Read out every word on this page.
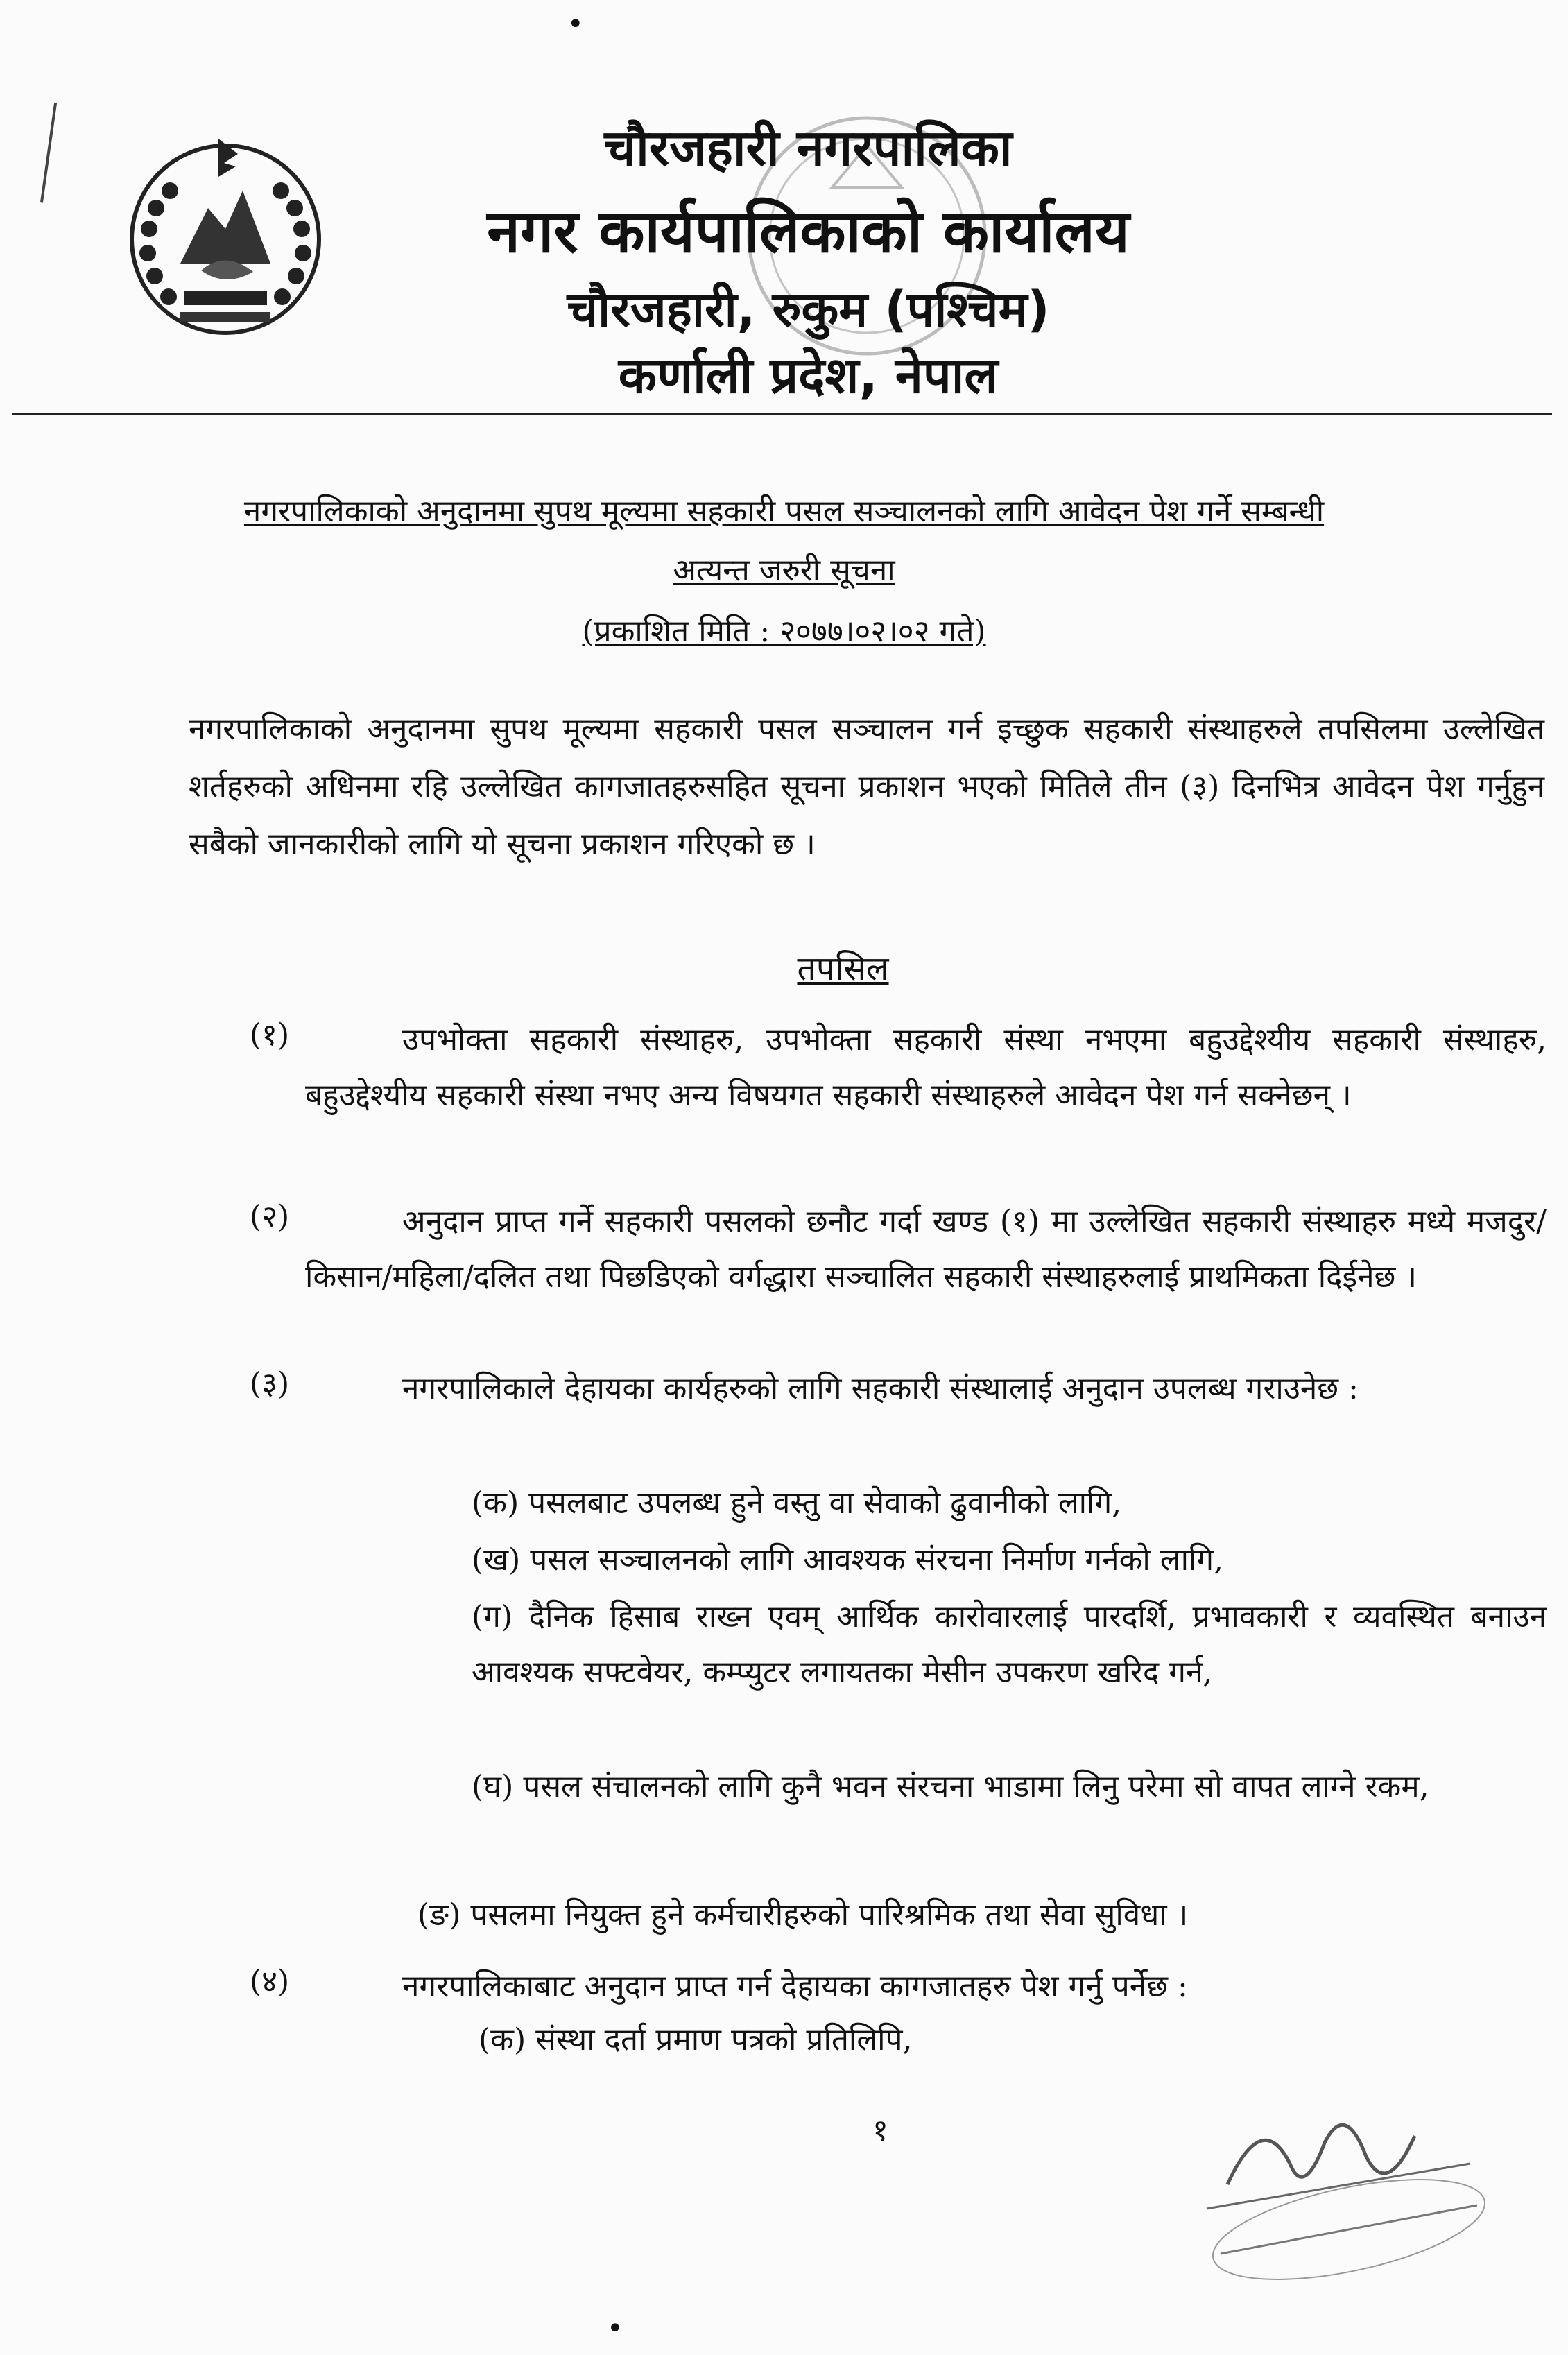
•
चौरजहारी नगरपालिका
नगर कार्यपालिकाको कार्यालय
चौरजहारी, रुकुम (पश्चिम)
कर्णाली प्रदेश, नेपाल
नगरपालिकाको अनुदानमा सुपथ मूल्यमा सहकारी पसल सञ्चालनको लागि आवेदन पेश गर्ने सम्बन्धी
अत्यन्त जरुरी सूचना
(प्रकाशित मिति : २०७७।०२।०२ गते)

नगरपालिकाको अनुदानमा सुपथ मूल्यमा सहकारी पसल सञ्चालन गर्न इच्छुक सहकारी संस्थाहरुले तपसिलमा उल्लेखित शर्तहरुको अधिनमा रहि उल्लेखित कागजातहरुसहित सूचना प्रकाशन भएको मितिले तीन (३) दिनभित्र आवेदन पेश गर्नुहुन सबैको जानकारीको लागि यो सूचना प्रकाशन गरिएको छ ।

तपसिल
(१)	उपभोक्ता सहकारी संस्थाहरु, उपभोक्ता सहकारी संस्था नभएमा बहुउद्देश्यीय सहकारी संस्थाहरु, बहुउद्देश्यीय सहकारी संस्था नभए अन्य विषयगत सहकारी संस्थाहरुले आवेदन पेश गर्न सक्नेछन् ।

(२)	अनुदान प्राप्त गर्ने सहकारी पसलको छनौट गर्दा खण्ड (१) मा उल्लेखित सहकारी संस्थाहरु मध्ये मजदुर/किसान/महिला/दलित तथा पिछडिएको वर्गद्धारा सञ्चालित सहकारी संस्थाहरुलाई प्राथमिकता दिईनेछ ।

(३)	नगरपालिकाले देहायका कार्यहरुको लागि सहकारी संस्थालाई अनुदान उपलब्ध गराउनेछ :

(क) पसलबाट उपलब्ध हुने वस्तु वा सेवाको ढुवानीको लागि,

(ख) पसल सञ्चालनको लागि आवश्यक संरचना निर्माण गर्नको लागि,

(ग) दैनिक हिसाब राख्न एवम् आर्थिक कारोवारलाई पारदर्शि, प्रभावकारी र व्यवस्थित बनाउन आवश्यक सफ्टवेयर, कम्प्युटर लगायतका मेसीन उपकरण खरिद गर्न,

(घ) पसल संचालनको लागि कुनै भवन संरचना भाडामा लिनु परेमा सो वापत लाग्ने रकम,

(ङ) पसलमा नियुक्त हुने कर्मचारीहरुको पारिश्रमिक तथा सेवा सुविधा ।

(४)	नगरपालिकाबाट अनुदान प्राप्त गर्न देहायका कागजातहरु पेश गर्नु पर्नेछ :

(क) संस्था दर्ता प्रमाण पत्रको प्रतिलिपि,

१
•
